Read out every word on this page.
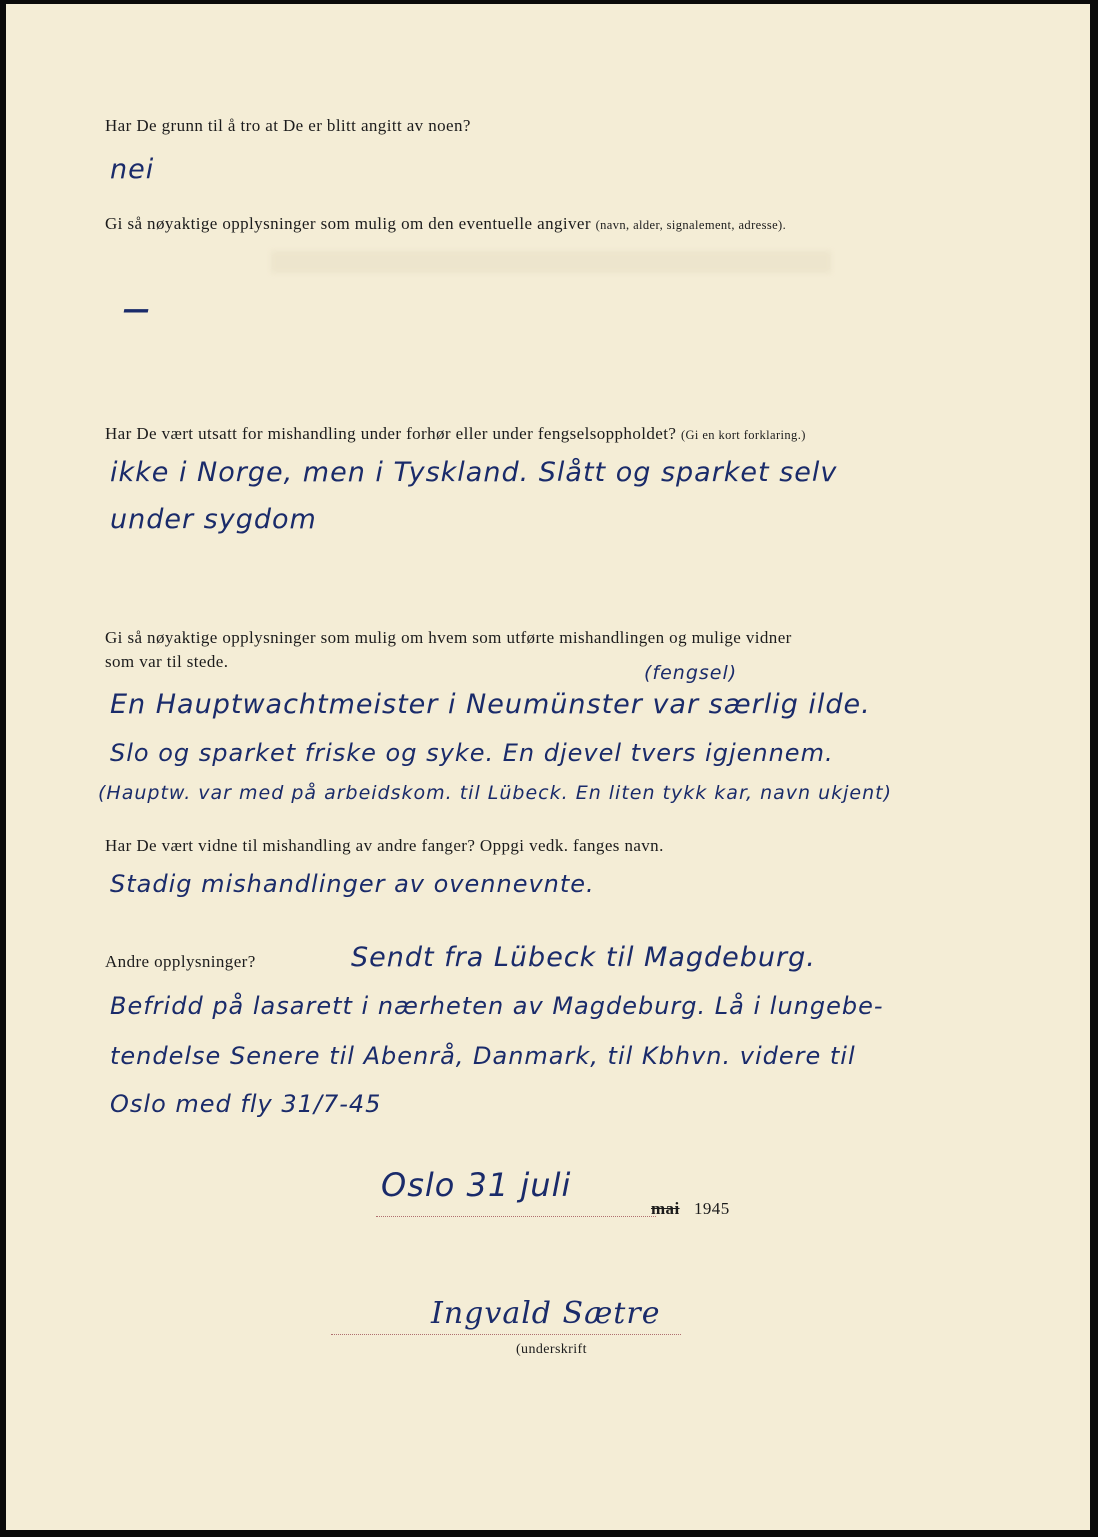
Har De grunn til å tro at De er blitt angitt av noen?
nei
Gi så nøyaktige opplysninger som mulig om den eventuelle angiver (navn, alder, signalement, adresse).
—
Har De vært utsatt for mishandling under forhør eller under fengselsoppholdet? (Gi en kort forklaring.)
ikke i Norge, men i Tyskland. Slått og sparket selv
under sygdom
Gi så nøyaktige opplysninger som mulig om hvem som utførte mishandlingen og mulige vidner
som var til stede.
(fengsel)
En Hauptwachtmeister i Neumünster var særlig ilde.
Slo og sparket friske og syke. En djevel tvers igjennem.
(Hauptw. var med på arbeidskom. til Lübeck. En liten tykk kar, navn ukjent)
Har De vært vidne til mishandling av andre fanger? Oppgi vedk. fanges navn.
Stadig mishandlinger av ovennevnte.
Andre opplysninger?	Sendt fra Lübeck til Magdeburg.
Befridd på lasarett i nærheten av Magdeburg. Lå i lungebe-
tendelse Senere til Abenrå, Danmark, til Kbhvn. videre til
Oslo med fly 31/7-45
Oslo 31 juli
mai 1945
Ingvald Sætre
(underskrift
